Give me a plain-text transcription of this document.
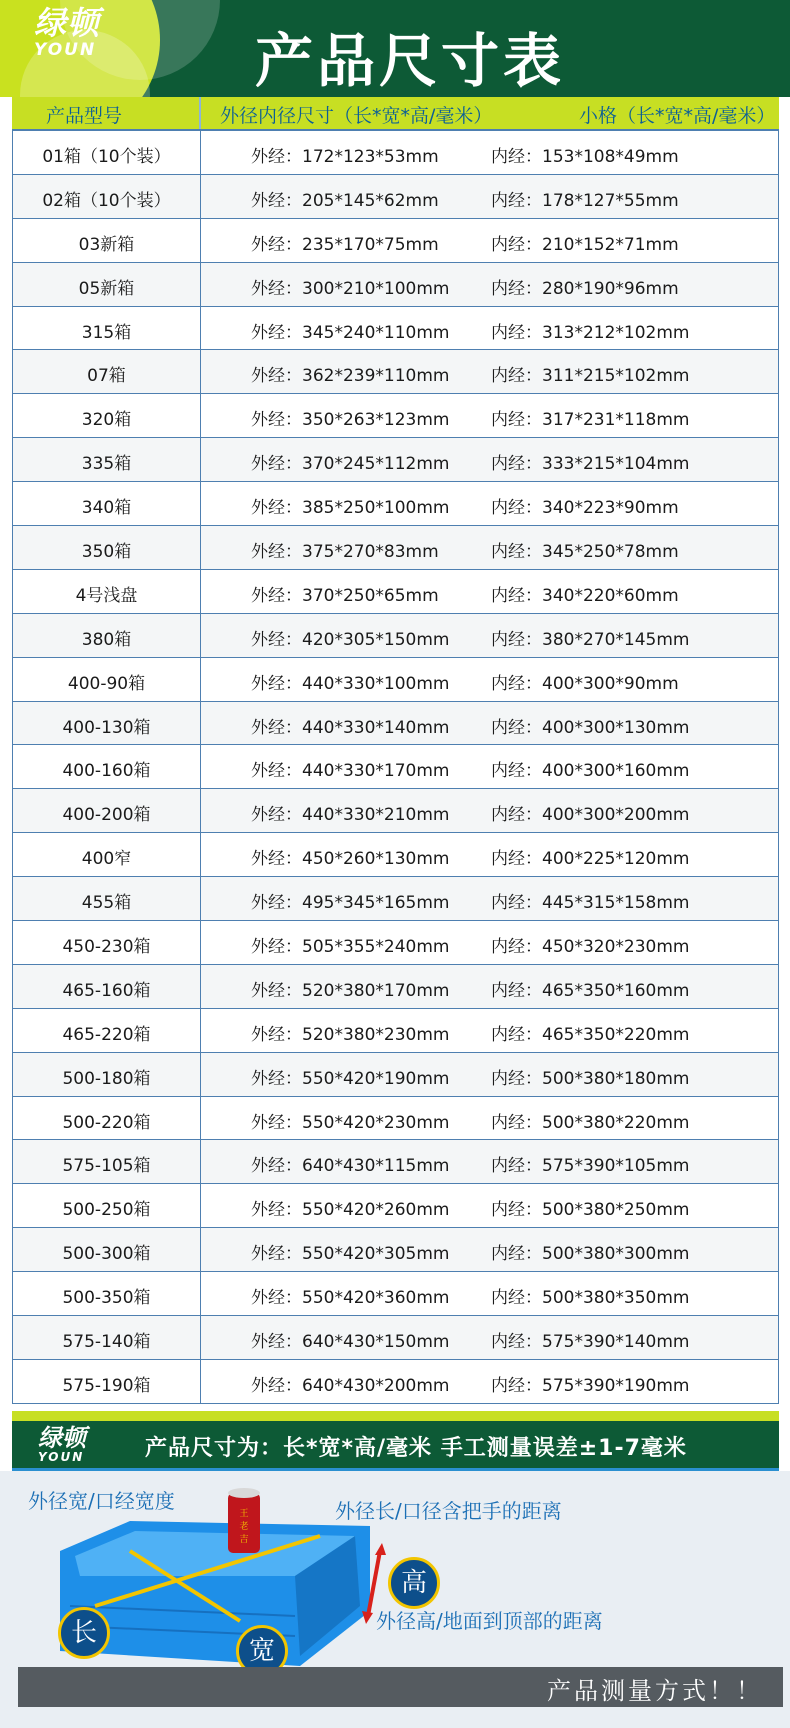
绿顿
YOUN	产品尺寸表
产品型号	外径内径尺寸（长*宽*高/毫米）	小格（长*宽*高/毫米）
01箱（10个装）	外经：172*123*53mm	内经：153*108*49mm
02箱（10个装）	外经：205*145*62mm	内经：178*127*55mm
03新箱	外经：235*170*75mm	内经：210*152*71mm
05新箱	外经：300*210*100mm 内经：280*190*96mm
315箱	外经：345*240*110mm 内经：313*212*102mm
07箱	外经：362*239*110mm 内经：311*215*102mm
320箱	外经：350*263*123mm 内经：317*231*118mm
335箱	外经：370*245*112mm 内经：333*215*104mm
340箱	外经：385*250*100mm 内经：340*223*90mm
350箱	外经：375*270*83mm	内经：345*250*78mm
4号浅盘	外经：370*250*65mm	内经：340*220*60mm
380箱	外经：420*305*150mm 内经：380*270*145mm
400-90箱	外经：440*330*100mm 内经：400*300*90mm
400-130箱	外经：440*330*140mm 内经：400*300*130mm
400-160箱	外经：440*330*170mm 内经：400*300*160mm
400-200箱	外经：440*330*210mm 内经：400*300*200mm
400窄	外经：450*260*130mm 内经：400*225*120mm
455箱	外经：495*345*165mm 内经：445*315*158mm
450-230箱	外经：505*355*240mm 内经：450*320*230mm
465-160箱	外经：520*380*170mm 内经：465*350*160mm
465-220箱	外经：520*380*230mm 内经：465*350*220mm
500-180箱	外经：550*420*190mm 内经：500*380*180mm
500-220箱	外经：550*420*230mm 内经：500*380*220mm
575-105箱	外经：640*430*115mm 内经：575*390*105mm
500-250箱	外经：550*420*260mm 内经：500*380*250mm
500-300箱	外经：550*420*305mm 内经：500*380*300mm
500-350箱	外经：550*420*360mm 内经：500*380*350mm
575-140箱	外经：640*430*150mm 内经：575*390*140mm
575-190箱	外经：640*430*200mm 内经：575*390*190mm
绿顿
YOUN	产品尺寸为：长*宽*高/毫米 手工测量误差±1-7毫米
王
老
吉
外径宽/口经宽度	外径长/口径含把手的距离
外径高/地面到顶部的距离
长
宽
高
产品测量方式！！
